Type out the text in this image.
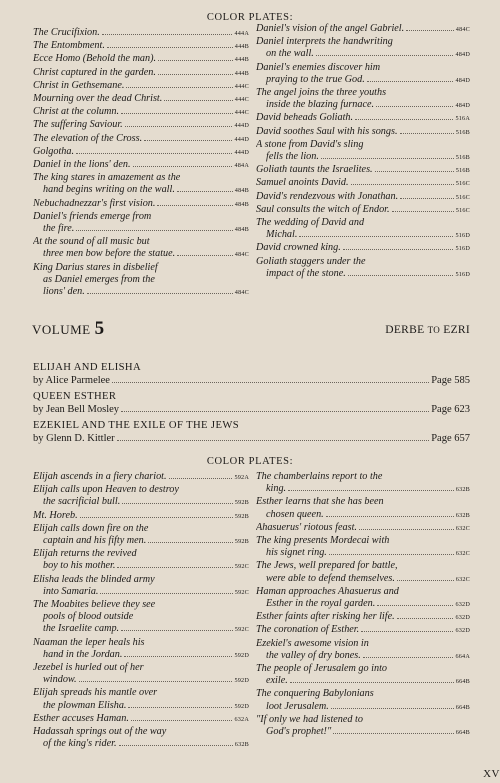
COLOR PLATES:
The Crucifixion.	444A
The Entombment.	444B
Ecce Homo (Behold the man).	444B
Christ captured in the garden.	444B
Christ in Gethsemane.	444C
Mourning over the dead Christ.	444C
Christ at the column.	444C
The suffering Saviour.	444D
The elevation of the Cross.	444D
Golgotha.	444D
Daniel in the lions' den.	484A
The king stares in amazement as the
hand begins writing on the wall.	484B
Nebuchadnezzar's first vision.	484B
Daniel's friends emerge from
the fire.	484B
At the sound of all music but
three men bow before the statue.	484C
King Darius stares in disbelief
as Daniel emerges from the
lions' den.	484C
Daniel's vision of the angel Gabriel.	484C
Daniel interprets the handwriting
on the wall.	484D
Daniel's enemies discover him
praying to the true God.	484D
The angel joins the three youths
inside the blazing furnace.	484D
David beheads Goliath.	516A
David soothes Saul with his songs.	516B
A stone from David's sling
fells the lion.	516B
Goliath taunts the Israelites.	516B
Samuel anoints David.	516C
David's rendezvous with Jonathan.	516C
Saul consults the witch of Endor.	516C
The wedding of David and
Michal.	516D
David crowned king.	516D
Goliath staggers under the
impact of the stone.	516D
VOLUME 5	DERBE TO EZRI
ELIJAH AND ELISHA
by Alice Parmelee	Page 585
QUEEN ESTHER
by Jean Bell Mosley	Page 623
EZEKIEL AND THE EXILE OF THE JEWS
by Glenn D. Kittler	Page 657
COLOR PLATES:
Elijah ascends in a fiery chariot.	592A
Elijah calls upon Heaven to destroy
the sacrificial bull.	592B
Mt. Horeb.	592B
Elijah calls down fire on the
captain and his fifty men.	592B
Elijah returns the revived
boy to his mother.	592C
Elisha leads the blinded army
into Samaria.	592C
The Moabites believe they see
pools of blood outside
the Israelite camp.	592C
Naaman the leper heals his
hand in the Jordan.	592D
Jezebel is hurled out of her
window.	592D
Elijah spreads his mantle over
the plowman Elisha.	592D
Esther accuses Haman.	632A
Hadassah springs out of the way
of the king's rider.	632B
The chamberlains report to the
king.	632B
Esther learns that she has been
chosen queen.	632B
Ahasuerus' riotous feast.	632C
The king presents Mordecai with
his signet ring.	632C
The Jews, well prepared for battle,
were able to defend themselves.	632C
Haman approaches Ahasuerus and
Esther in the royal garden.	632D
Esther faints after risking her life.	632D
The coronation of Esther.	632D
Ezekiel's awesome vision in
the valley of dry bones.	664A
The people of Jerusalem go into
exile.	664B
The conquering Babylonians
loot Jerusalem.	664B
"If only we had listened to
God's prophet!"	664B
XV
